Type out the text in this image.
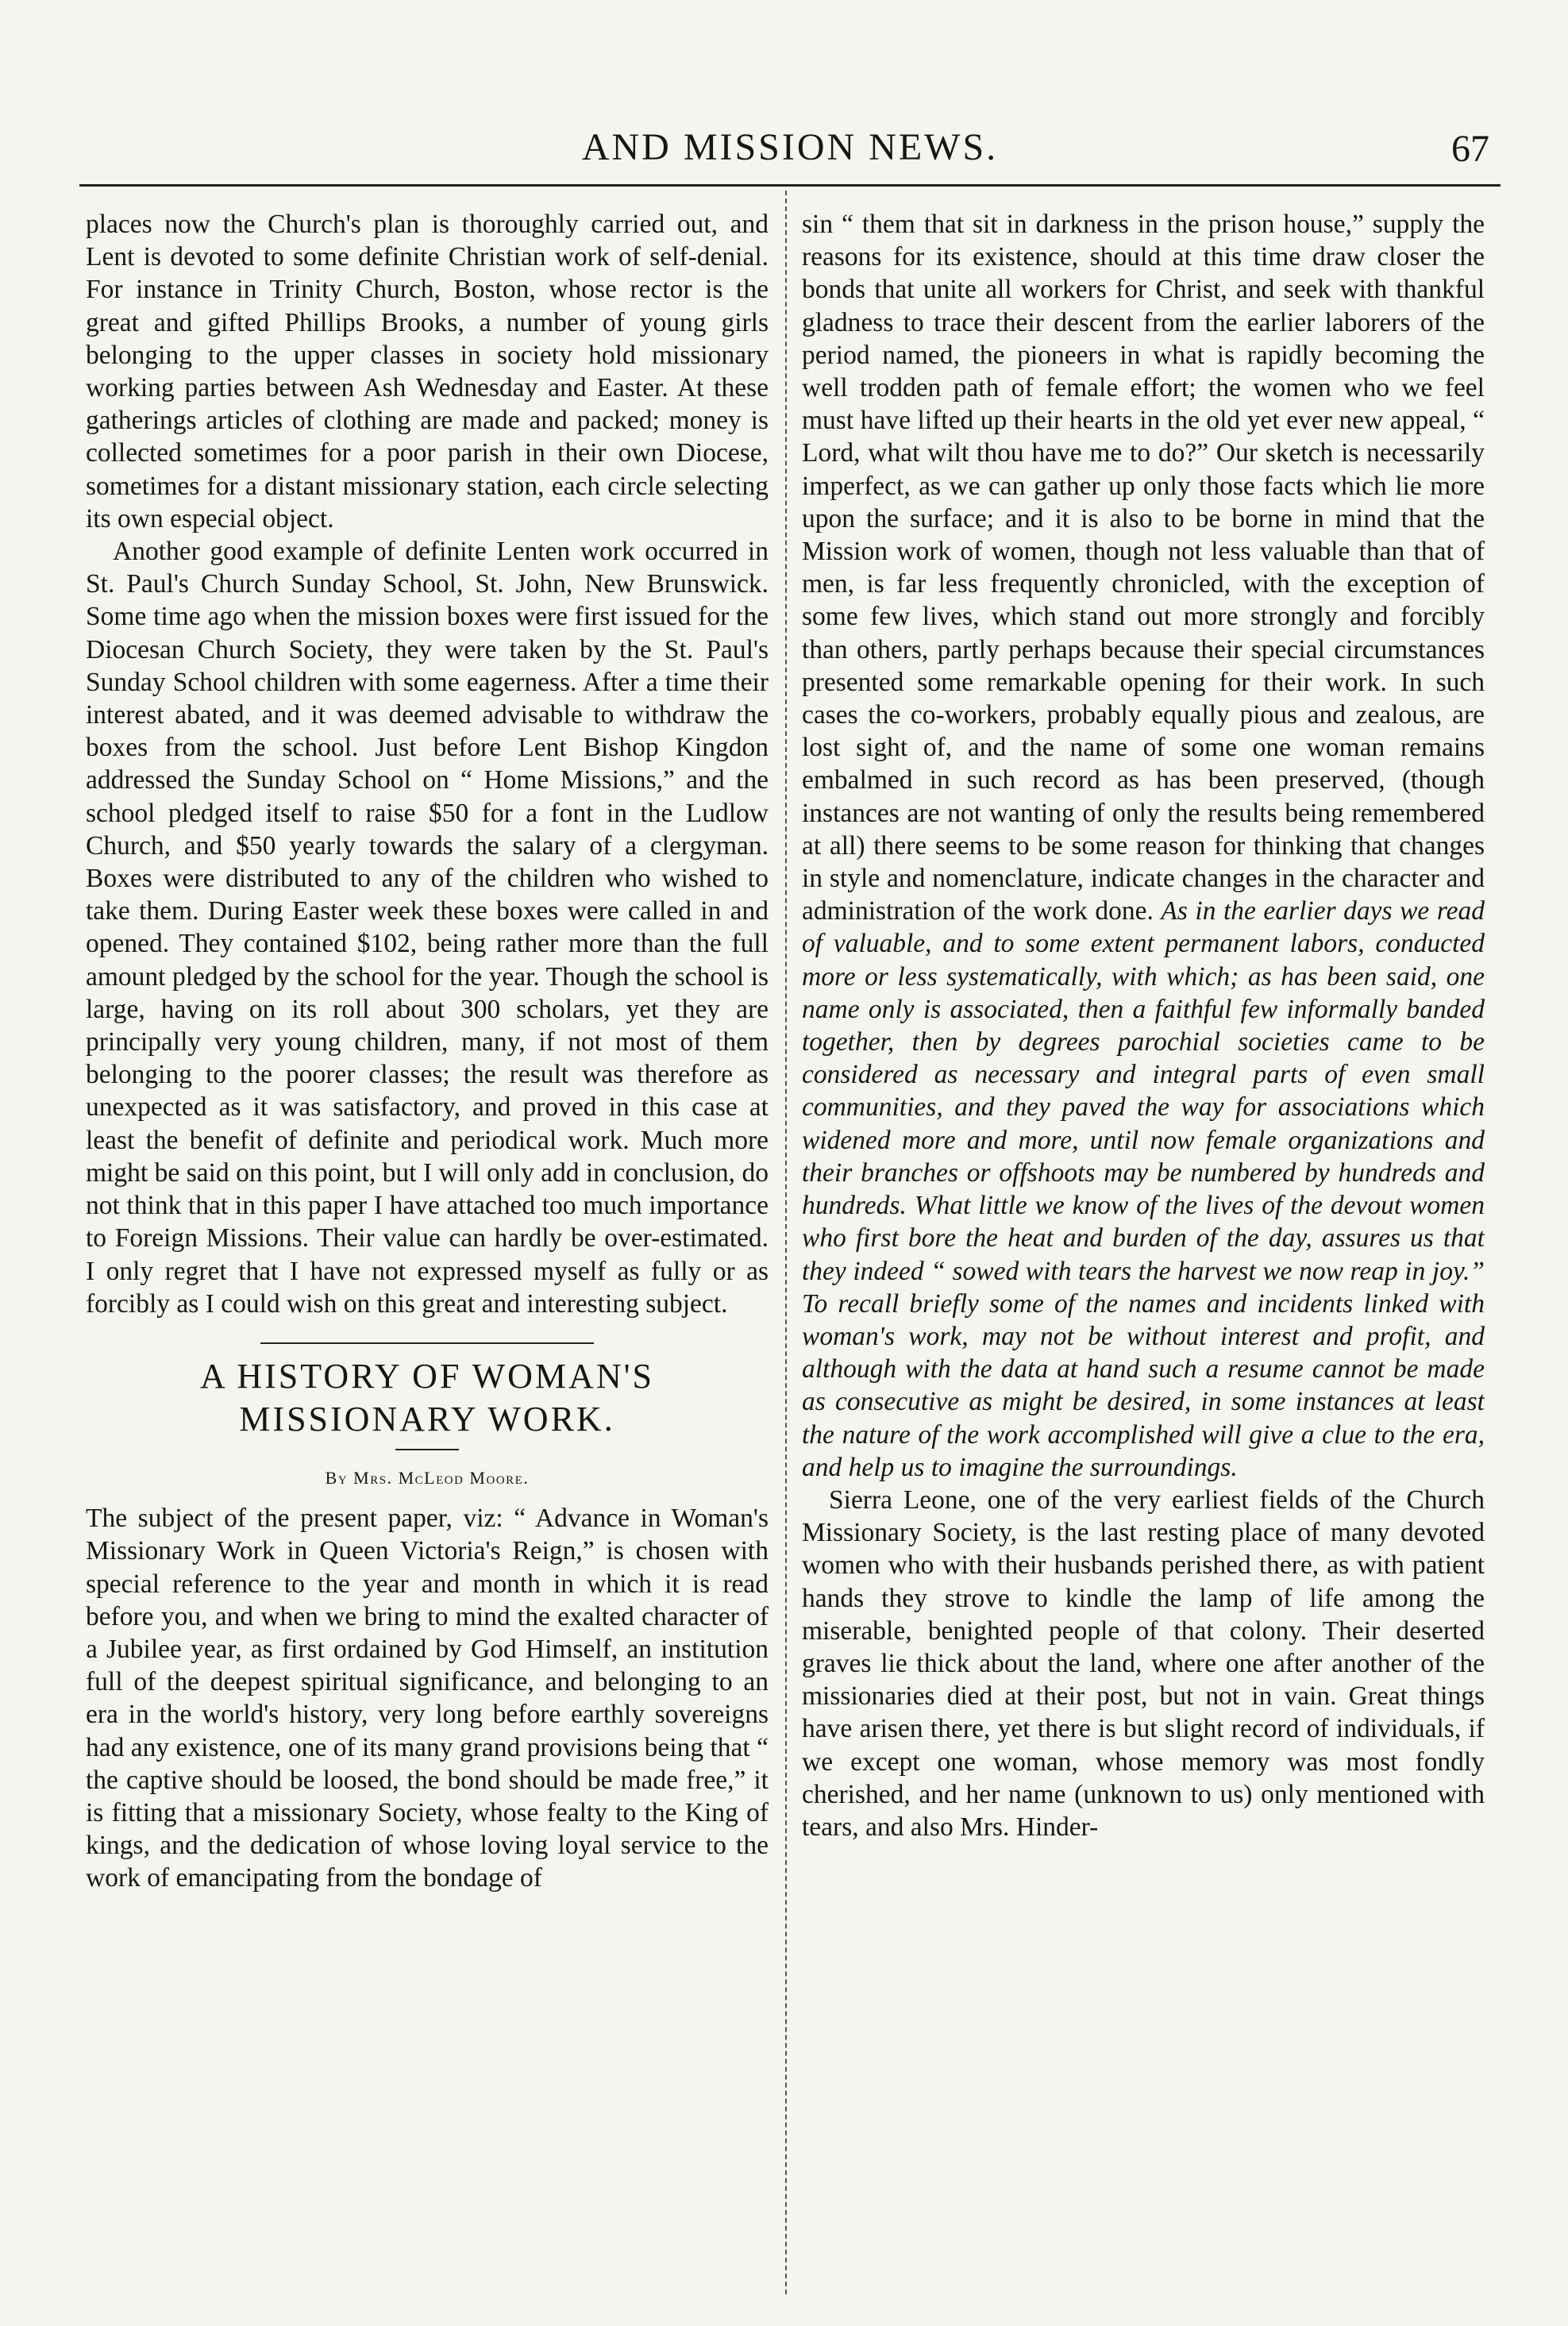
AND MISSION NEWS.	67

places now the Church's plan is thoroughly carried out, and Lent is devoted to some definite Christian work of self-denial. For instance in Trinity Church, Boston, whose rector is the great and gifted Phillips Brooks, a number of young girls belonging to the upper classes in society hold missionary working parties between Ash Wednesday and Easter. At these gatherings articles of clothing are made and packed; money is collected sometimes for a poor parish in their own Diocese, sometimes for a distant missionary station, each circle selecting its own especial object.

Another good example of definite Lenten work occurred in St. Paul's Church Sunday School, St. John, New Brunswick. Some time ago when the mission boxes were first issued for the Diocesan Church Society, they were taken by the St. Paul's Sunday School children with some eagerness. After a time their interest abated, and it was deemed advisable to withdraw the boxes from the school. Just before Lent Bishop Kingdon addressed the Sunday School on “ Home Missions,” and the school pledged itself to raise $50 for a font in the Ludlow Church, and $50 yearly towards the salary of a clergyman. Boxes were distributed to any of the children who wished to take them. During Easter week these boxes were called in and opened. They contained $102, being rather more than the full amount pledged by the school for the year. Though the school is large, having on its roll about 300 scholars, yet they are principally very young children, many, if not most of them belonging to the poorer classes; the result was therefore as unexpected as it was satisfactory, and proved in this case at least the benefit of definite and periodical work. Much more might be said on this point, but I will only add in conclusion, do not think that in this paper I have attached too much importance to Foreign Missions. Their value can hardly be over-estimated. I only regret that I have not expressed myself as fully or as forcibly as I could wish on this great and interesting subject.

A HISTORY OF WOMAN'S MISSIONARY WORK.
By Mrs. McLeod Moore.

The subject of the present paper, viz: “ Advance in Woman's Missionary Work in Queen Victoria's Reign,” is chosen with special reference to the year and month in which it is read before you, and when we bring to mind the exalted character of a Jubilee year, as first ordained by God Himself, an institution full of the deepest spiritual significance, and belonging to an era in the world's history, very long before earthly sovereigns had any existence, one of its many grand provisions being that “ the captive should be loosed, the bond should be made free,” it is fitting that a missionary Society, whose fealty to the King of kings, and the dedication of whose loving loyal service to the work of emancipating from the bondage of

sin “ them that sit in darkness in the prison house,” supply the reasons for its existence, should at this time draw closer the bonds that unite all workers for Christ, and seek with thankful gladness to trace their descent from the earlier laborers of the period named, the pioneers in what is rapidly becoming the well trodden path of female effort; the women who we feel must have lifted up their hearts in the old yet ever new appeal, “ Lord, what wilt thou have me to do?” Our sketch is necessarily imperfect, as we can gather up only those facts which lie more upon the surface; and it is also to be borne in mind that the Mission work of women, though not less valuable than that of men, is far less frequently chronicled, with the exception of some few lives, which stand out more strongly and forcibly than others, partly perhaps because their special circumstances presented some remarkable opening for their work. In such cases the co-workers, probably equally pious and zealous, are lost sight of, and the name of some one woman remains embalmed in such record as has been preserved, (though instances are not wanting of only the results being remembered at all) there seems to be some reason for thinking that changes in style and nomenclature, indicate changes in the character and administration of the work done. As in the earlier days we read of valuable, and to some extent permanent labors, conducted more or less systematically, with which; as has been said, one name only is associated, then a faithful few informally banded together, then by degrees parochial societies came to be considered as necessary and integral parts of even small communities, and they paved the way for associations which widened more and more, until now female organizations and their branches or offshoots may be numbered by hundreds and hundreds. What little we know of the lives of the devout women who first bore the heat and burden of the day, assures us that they indeed “ sowed with tears the harvest we now reap in joy.” To recall briefly some of the names and incidents linked with woman's work, may not be without interest and profit, and although with the data at hand such a resume cannot be made as consecutive as might be desired, in some instances at least the nature of the work accomplished will give a clue to the era, and help us to imagine the surroundings.

Sierra Leone, one of the very earliest fields of the Church Missionary Society, is the last resting place of many devoted women who with their husbands perished there, as with patient hands they strove to kindle the lamp of life among the miserable, benighted people of that colony. Their deserted graves lie thick about the land, where one after another of the missionaries died at their post, but not in vain. Great things have arisen there, yet there is but slight record of individuals, if we except one woman, whose memory was most fondly cherished, and her name (unknown to us) only mentioned with tears, and also Mrs. Hinder-
